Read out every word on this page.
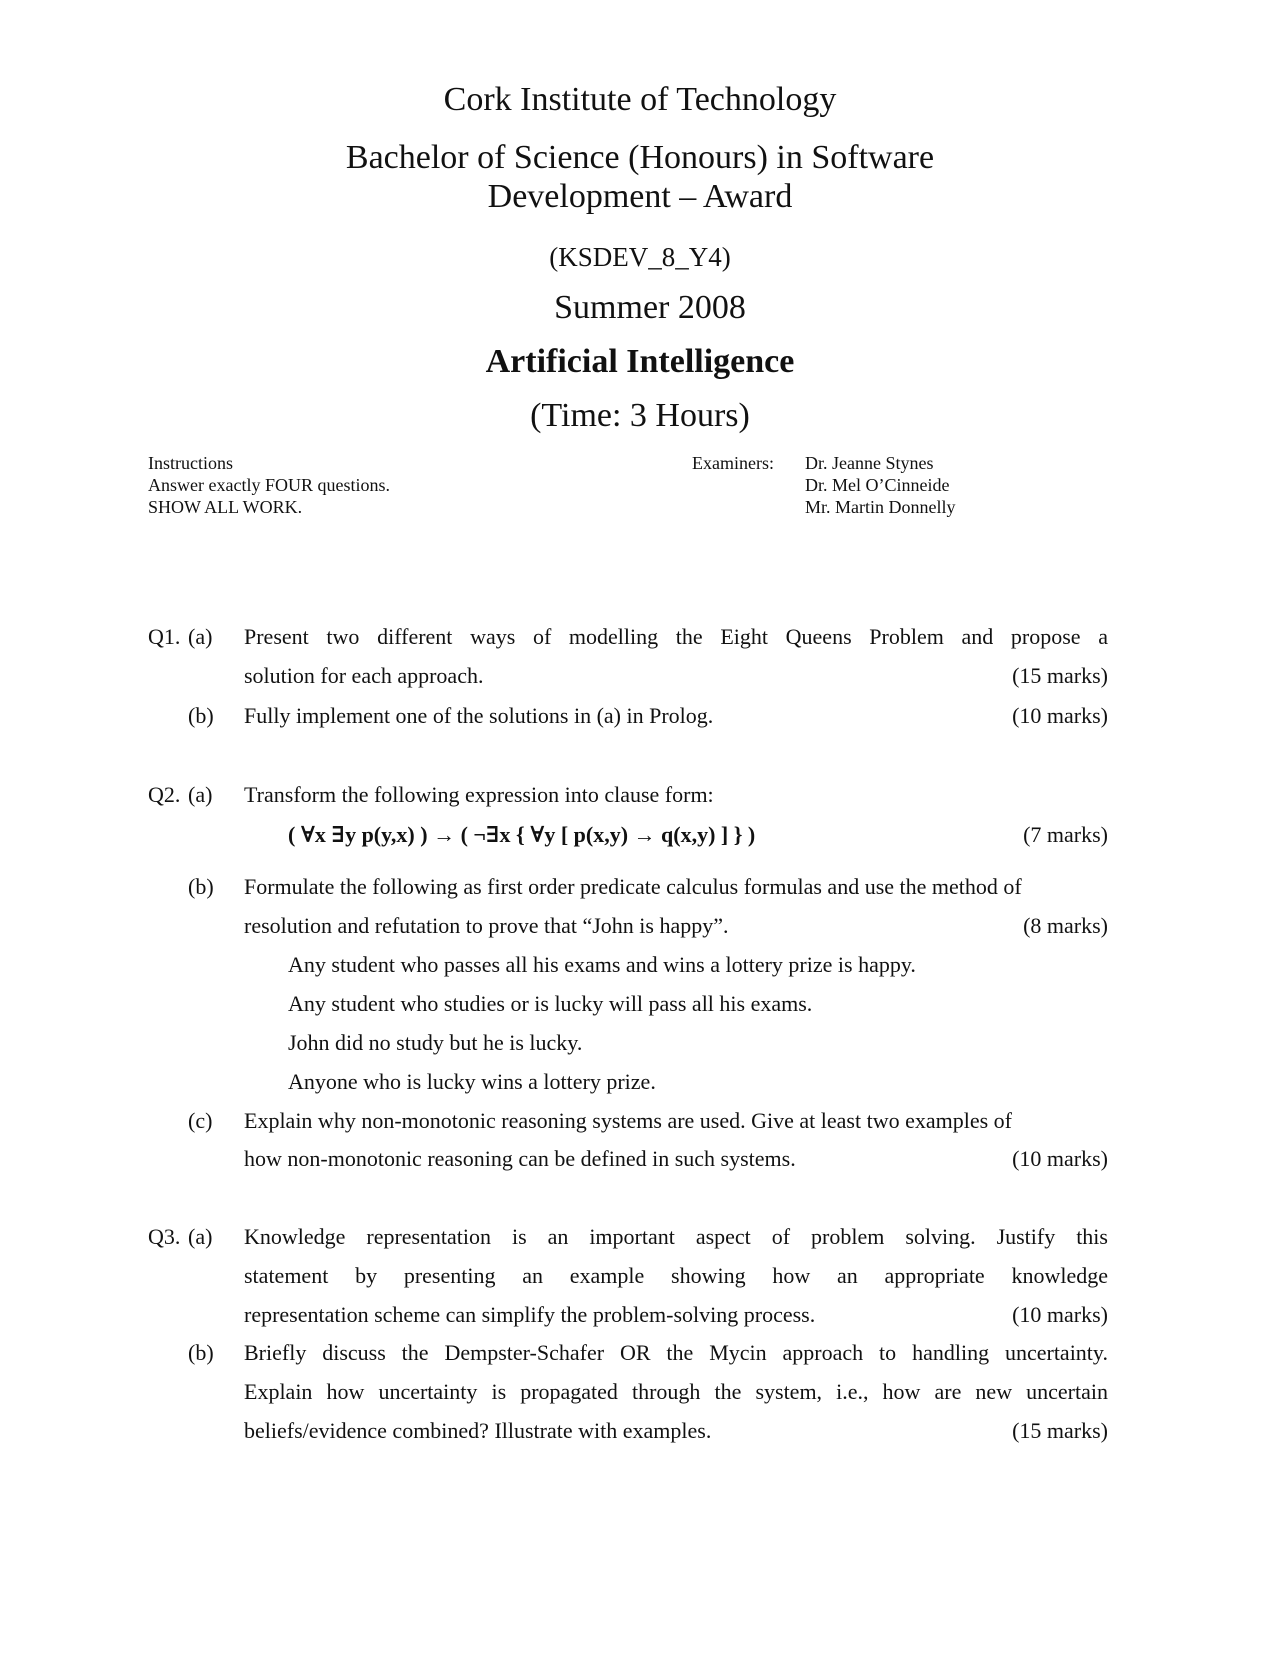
Cork Institute of Technology
Bachelor of Science (Honours) in Software
Development – Award
(KSDEV_8_Y4)
Summer 2008
Artificial Intelligence
(Time: 3 Hours)
Instructions
Answer exactly FOUR questions.
SHOW ALL WORK.
Examiners: Dr. Jeanne Stynes
Dr. Mel O’Cinneide
Mr. Martin Donnelly
Q1. (a) Present two different ways of modelling the Eight Queens Problem and propose a
solution for each approach.	(15 marks)
(b) Fully implement one of the solutions in (a) in Prolog.	(10 marks)
Q2. (a) Transform the following expression into clause form:
( ∀x ∃y p(y,x) ) → ( ¬∃x { ∀y [ p(x,y) → q(x,y) ] } )	(7 marks)
(b) Formulate the following as first order predicate calculus formulas and use the method of
resolution and refutation to prove that “John is happy”.	(8 marks)
Any student who passes all his exams and wins a lottery prize is happy.
Any student who studies or is lucky will pass all his exams.
John did no study but he is lucky.
Anyone who is lucky wins a lottery prize.
(c) Explain why non-monotonic reasoning systems are used. Give at least two examples of
how non-monotonic reasoning can be defined in such systems.	(10 marks)
Q3. (a) Knowledge representation is an important aspect of problem solving. Justify this
statement by presenting an example showing how an appropriate knowledge
representation scheme can simplify the problem-solving process.	(10 marks)
(b) Briefly discuss the Dempster-Schafer OR the Mycin approach to handling uncertainty.
Explain how uncertainty is propagated through the system, i.e., how are new uncertain
beliefs/evidence combined? Illustrate with examples.	(15 marks)
